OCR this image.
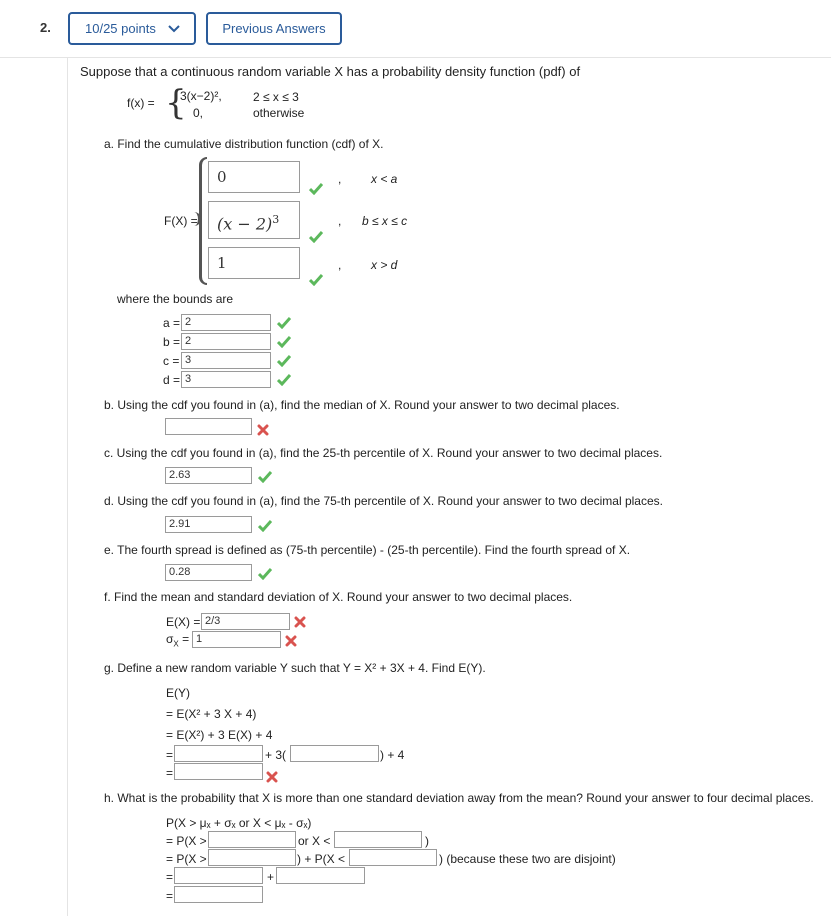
2.	10/25 points	Previous Answers
Suppose that a continuous random variable X has a probability density function (pdf) of
f(x) = {
3(x−2)²,	2 ≤ x ≤ 3
0,	otherwise
a. Find the cumulative distribution function (cdf) of X.
F(X) =
0	, x < a
$(x - 2)^3$	, b ≤ x ≤ c
1	, x > d
where the bounds are
a = 2
b = 2
c = 3
d = 3
b. Using the cdf you found in (a), find the median of X. Round your answer to two decimal places.
c. Using the cdf you found in (a), find the 25-th percentile of X. Round your answer to two decimal places.
2.63
d. Using the cdf you found in (a), find the 75-th percentile of X. Round your answer to two decimal places.
2.91
e. The fourth spread is defined as (75-th percentile) - (25-th percentile). Find the fourth spread of X.
0.28
f. Find the mean and standard deviation of X. Round your answer to two decimal places.
E(X) = 2/3
$\sigma_X = 1$
g. Define a new random variable Y such that Y = X² + 3X + 4. Find E(Y).
E(Y)
= E(X² + 3 X + 4)
= E(X²) + 3 E(X) + 4
=	+ 3(	) + 4
=
h. What is the probability that X is more than one standard deviation away from the mean? Round your answer to four decimal places.
P(X > μₓ + σₓ or X < μₓ - σₓ)
= P(X >	or X <	)
= P(X >	) + P(X <	) (because these two are disjoint)
=	+
=
